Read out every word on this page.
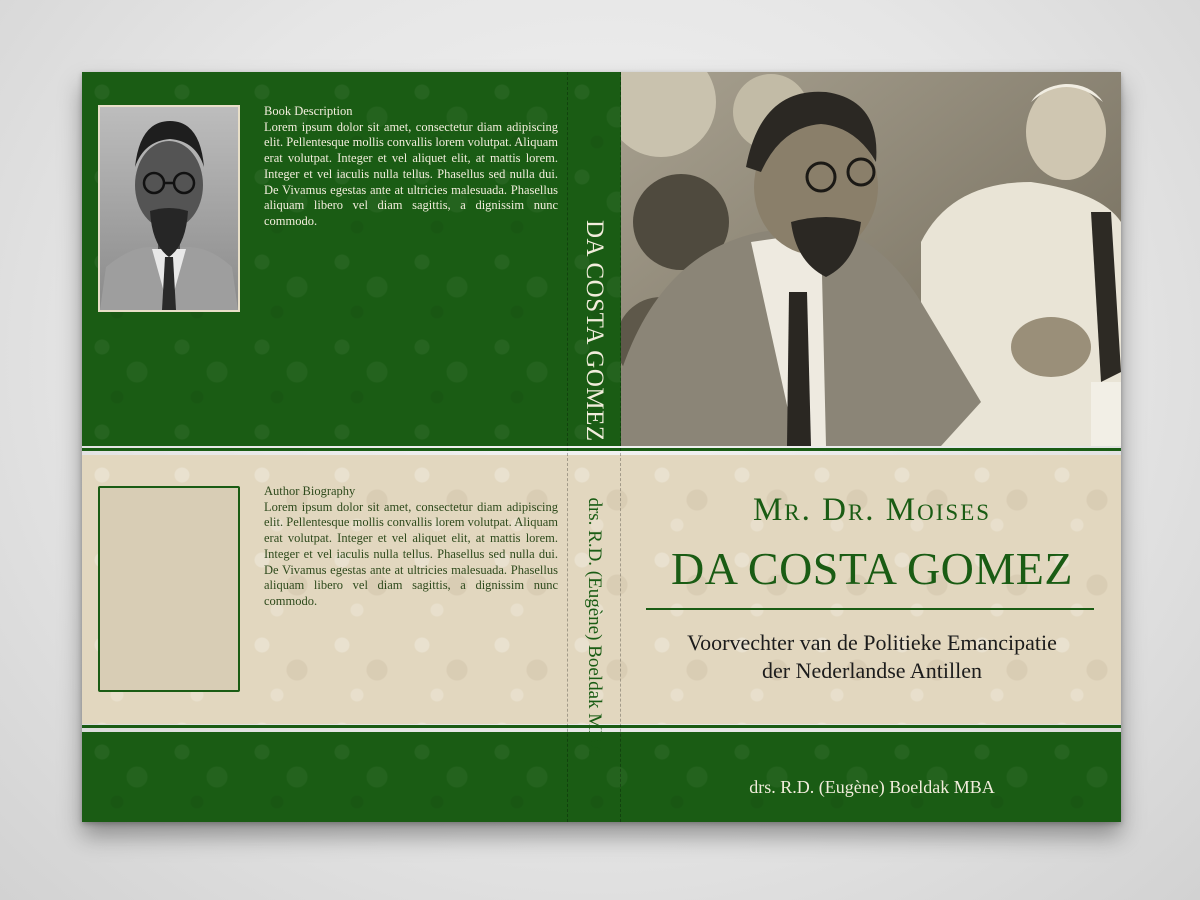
Book Description
Lorem ipsum dolor sit amet, consectetur diam adipiscing elit. Pellentesque mollis convallis lorem volutpat. Aliquam erat volutpat. Integer et vel aliquet elit, at mattis lorem. Integer et vel iaculis nulla tellus. Phasellus sed nulla dui. De Vivamus egestas ante at ultricies malesuada. Phasellus aliquam libero vel diam sagittis, a dignissim nunc commodo.
Author Biography
Lorem ipsum dolor sit amet, consectetur diam adipiscing elit. Pellentesque mollis convallis lorem volutpat. Aliquam erat volutpat. Integer et vel aliquet elit, at mattis lorem. Integer et vel iaculis nulla tellus. Phasellus sed nulla dui. De Vivamus egestas ante at ultricies malesuada. Phasellus aliquam libero vel diam sagittis, a dignissim nunc commodo.	drs. R.D. (Eugène) Boeldak MBA	Mr. Dr. Moises
DA COSTA GOMEZ
Voorvechter van de Politieke Emancipatie
der Nederlandse Antillen
drs. R.D. (Eugène) Boeldak MBA
